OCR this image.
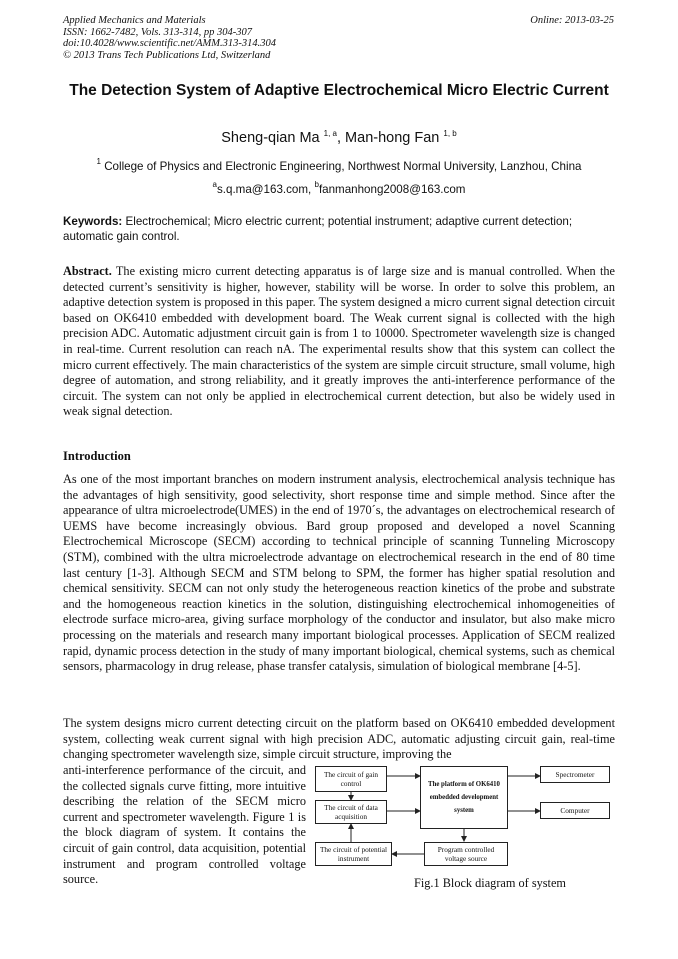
Applied Mechanics and Materials
ISSN: 1662-7482, Vols. 313-314, pp 304-307
doi:10.4028/www.scientific.net/AMM.313-314.304
© 2013 Trans Tech Publications Ltd, Switzerland
Online: 2013-03-25
The Detection System of Adaptive Electrochemical Micro Electric Current
Sheng-qian Ma $^{1, a}$, Man-hong Fan $^{1, b}$
$^1$ College of Physics and Electronic Engineering, Northwest Normal University, Lanzhou, China
$^a$s.q.ma@163.com, $^b$fanmanhong2008@163.com
Keywords: Electrochemical; Micro electric current; potential instrument; adaptive current detection; automatic gain control.
Abstract. The existing micro current detecting apparatus is of large size and is manual controlled. When the detected current’s sensitivity is higher, however, stability will be worse. In order to solve this problem, an adaptive detection system is proposed in this paper. The system designed a micro current signal detection circuit based on OK6410 embedded with development board. The Weak current signal is collected with the high precision ADC. Automatic adjustment circuit gain is from 1 to 10000. Spectrometer wavelength size is changed in real-time. Current resolution can reach nA. The experimental results show that this system can collect the micro current effectively. The main characteristics of the system are simple circuit structure, small volume, high degree of automation, and strong reliability, and it greatly improves the anti-interference performance of the circuit. The system can not only be applied in electrochemical current detection, but also be widely used in weak signal detection.
Introduction
As one of the most important branches on modern instrument analysis, electrochemical analysis technique has the advantages of high sensitivity, good selectivity, short response time and simple method. Since after the appearance of ultra microelectrode(UMES) in the end of 1970´s, the advantages on electrochemical research of UEMS have become increasingly obvious. Bard group proposed and developed a novel Scanning Electrochemical Microscope (SECM) according to technical principle of scanning Tunneling Microscopy (STM), combined with the ultra microelectrode advantage on electrochemical research in the end of 80 time last century [1-3]. Although SECM and STM belong to SPM, the former has higher spatial resolution and chemical sensitivity. SECM can not only study the heterogeneous reaction kinetics of the probe and substrate and the homogeneous reaction kinetics in the solution, distinguishing electrochemical inhomogeneities of electrode surface micro-area, giving surface morphology of the conductor and insulator, but also make micro processing on the materials and research many important biological processes. Application of SECM realized rapid, dynamic process detection in the study of many important biological, chemical systems, such as chemical sensors, pharmacology in drug release, phase transfer catalysis, simulation of biological membrane [4-5].
The system designs micro current detecting circuit on the platform based on OK6410 embedded development system, collecting weak current signal with high precision ADC, automatic adjusting circuit gain, real-time changing spectrometer wavelength size, simple circuit structure, improving the
anti-interference performance of the circuit, and the collected signals curve fitting, more intuitive describing the relation of the SECM micro current and spectrometer wavelength. Figure 1 is the block diagram of system. It contains the circuit of gain control, data acquisition, potential instrument and program controlled voltage source.
The circuit of gain control
The circuit of data acquisition
The circuit of potential instrument
The platform of OK6410 embedded development system
Spectrometer
Computer
Program controlled voltage source
Fig.1 Block diagram of system
